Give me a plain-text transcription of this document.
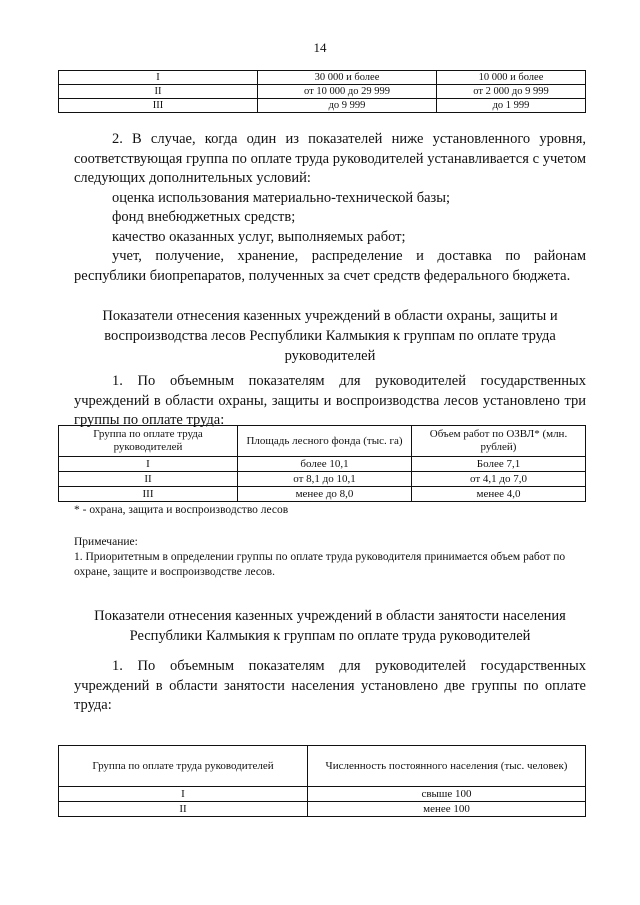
14
I	30 000 и более	10 000 и более
II	от 10 000 до 29 999	от 2 000 до 9 999
III	до 9 999	до 1 999

2. В случае, когда один из показателей ниже установленного уровня, соответствующая группа по оплате труда руководителей устанавливается с учетом следующих дополнительных условий:

оценка использования материально-технической базы;

фонд внебюджетных средств;

качество оказанных услуг, выполняемых работ;

учет, получение, хранение, распределение и доставка по районам республики биопрепаратов, полученных за счет средств федерального бюджета.

Показатели отнесения казенных учреждений в области охраны, защиты и воспроизводства лесов Республики Калмыкия к группам по оплате труда руководителей

1. По объемным показателям для руководителей государственных учреждений в области охраны, защиты и воспроизводства лесов установлено три группы по оплате труда:

Группа по оплате труда руководителей	Площадь лесного фонда (тыс. га)	Объем работ по ОЗВЛ* (млн. рублей)
I	более 10,1	Более 7,1
II	от 8,1 до 10,1	от 4,1 до 7,0
III	менее до 8,0	менее 4,0
* - охрана, защита и воспроизводство лесов
Примечание:
1. Приоритетным в определении группы по оплате труда руководителя принимается объем работ по охране, защите и воспроизводстве лесов.
Показатели отнесения казенных учреждений в области занятости населения Республики Калмыкия к группам по оплате труда руководителей

1. По объемным показателям для руководителей государственных учреждений в области занятости населения установлено две группы по оплате труда:

Группа по оплате труда руководителей	Численность постоянного населения (тыс. человек)
I	свыше 100
II	менее 100
